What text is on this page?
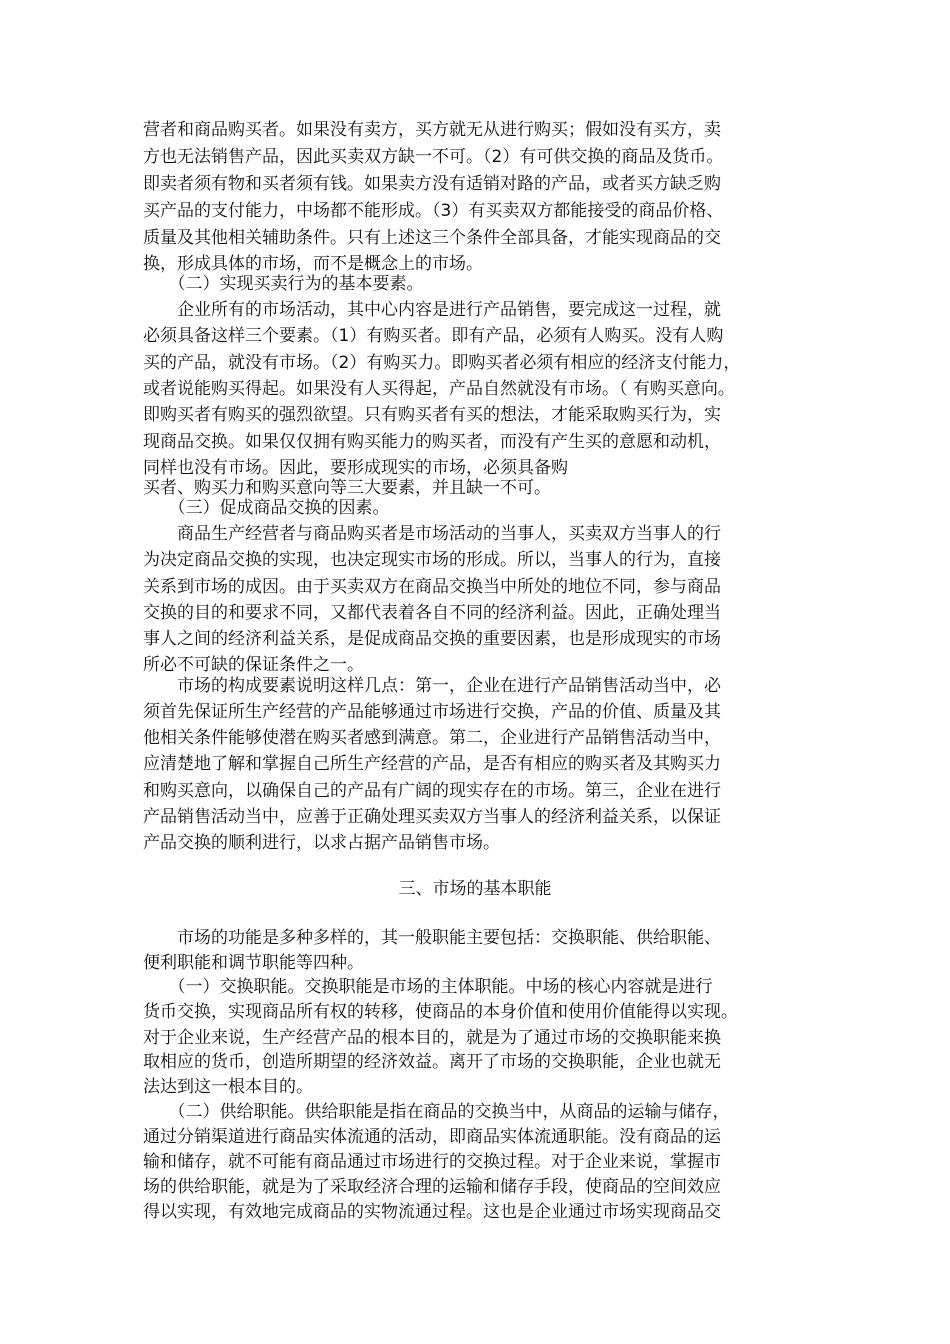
营者和商品购买者。如果没有卖方，买方就无从进行购买；假如没有买方，卖
方也无法销售产品，因此买卖双方缺一不可。（2）有可供交换的商品及货币。
即卖者须有物和买者须有钱。如果卖方没有适销对路的产品，或者买方缺乏购
买产品的支付能力，中场都不能形成。（3）有买卖双方都能接受的商品价格、
质量及其他相关辅助条件。只有上述这三个条件全部具备，才能实现商品的交
换，形成具体的市场，而不是概念上的市场。
　　（二）实现买卖行为的基本要素。
　　企业所有的市场活动，其中心内容是进行产品销售，要完成这一过程，就
必须具备这样三个要素。（1）有购买者。即有产品，必须有人购买。没有人购
买的产品，就没有市场。（2）有购买力。即购买者必须有相应的经济支付能力，
或者说能购买得起。如果没有人买得起，产品自然就没有市场。（ 有购买意向。
即购买者有购买的强烈欲望。只有购买者有买的想法，才能采取购买行为，实
现商品交换。如果仅仅拥有购买能力的购买者，而没有产生买的意愿和动机，
同样也没有市场。因此，要形成现实的市场，必须具备购
买者、购买力和购买意向等三大要素，并且缺一不可。
　　（三）促成商品交换的因素。
　　商品生产经营者与商品购买者是市场活动的当事人，买卖双方当事人的行
为决定商品交换的实现，也决定现实市场的形成。所以，当事人的行为，直接
关系到市场的成因。由于买卖双方在商品交换当中所处的地位不同，参与商品
交换的目的和要求不同，又都代表着各自不同的经济利益。因此，正确处理当
事人之间的经济利益关系，是促成商品交换的重要因素，也是形成现实的市场
所必不可缺的保证条件之一。
　　市场的构成要素说明这样几点：第一，企业在进行产品销售活动当中，必
须首先保证所生产经营的产品能够通过市场进行交换，产品的价值、质量及其
他相关条件能够使潜在购买者感到满意。第二，企业进行产品销售活动当中，
应清楚地了解和掌握自己所生产经营的产品，是否有相应的购买者及其购买力
和购买意向，以确保自己的产品有广阔的现实存在的市场。第三，企业在进行
产品销售活动当中，应善于正确处理买卖双方当事人的经济利益关系，以保证
产品交换的顺利进行，以求占据产品销售市场。
三、市场的基本职能
　　市场的功能是多种多样的，其一般职能主要包括：交换职能、供给职能、
便利职能和调节职能等四种。
　　（一）交换职能。交换职能是市场的主体职能。中场的核心内容就是进行
货币交换，实现商品所有权的转移，使商品的本身价值和使用价值能得以实现。
对于企业来说，生产经营产品的根本目的，就是为了通过市场的交换职能来换
取相应的货币，创造所期望的经济效益。离开了市场的交换职能，企业也就无
法达到这一根本目的。
　　（二）供给职能。供给职能是指在商品的交换当中，从商品的运输与储存，
通过分销渠道进行商品实体流通的活动，即商品实体流通职能。没有商品的运
输和储存，就不可能有商品通过市场进行的交换过程。对于企业来说，掌握市
场的供给职能，就是为了采取经济合理的运输和储存手段，使商品的空间效应
得以实现，有效地完成商品的实物流通过程。这也是企业通过市场实现商品交
